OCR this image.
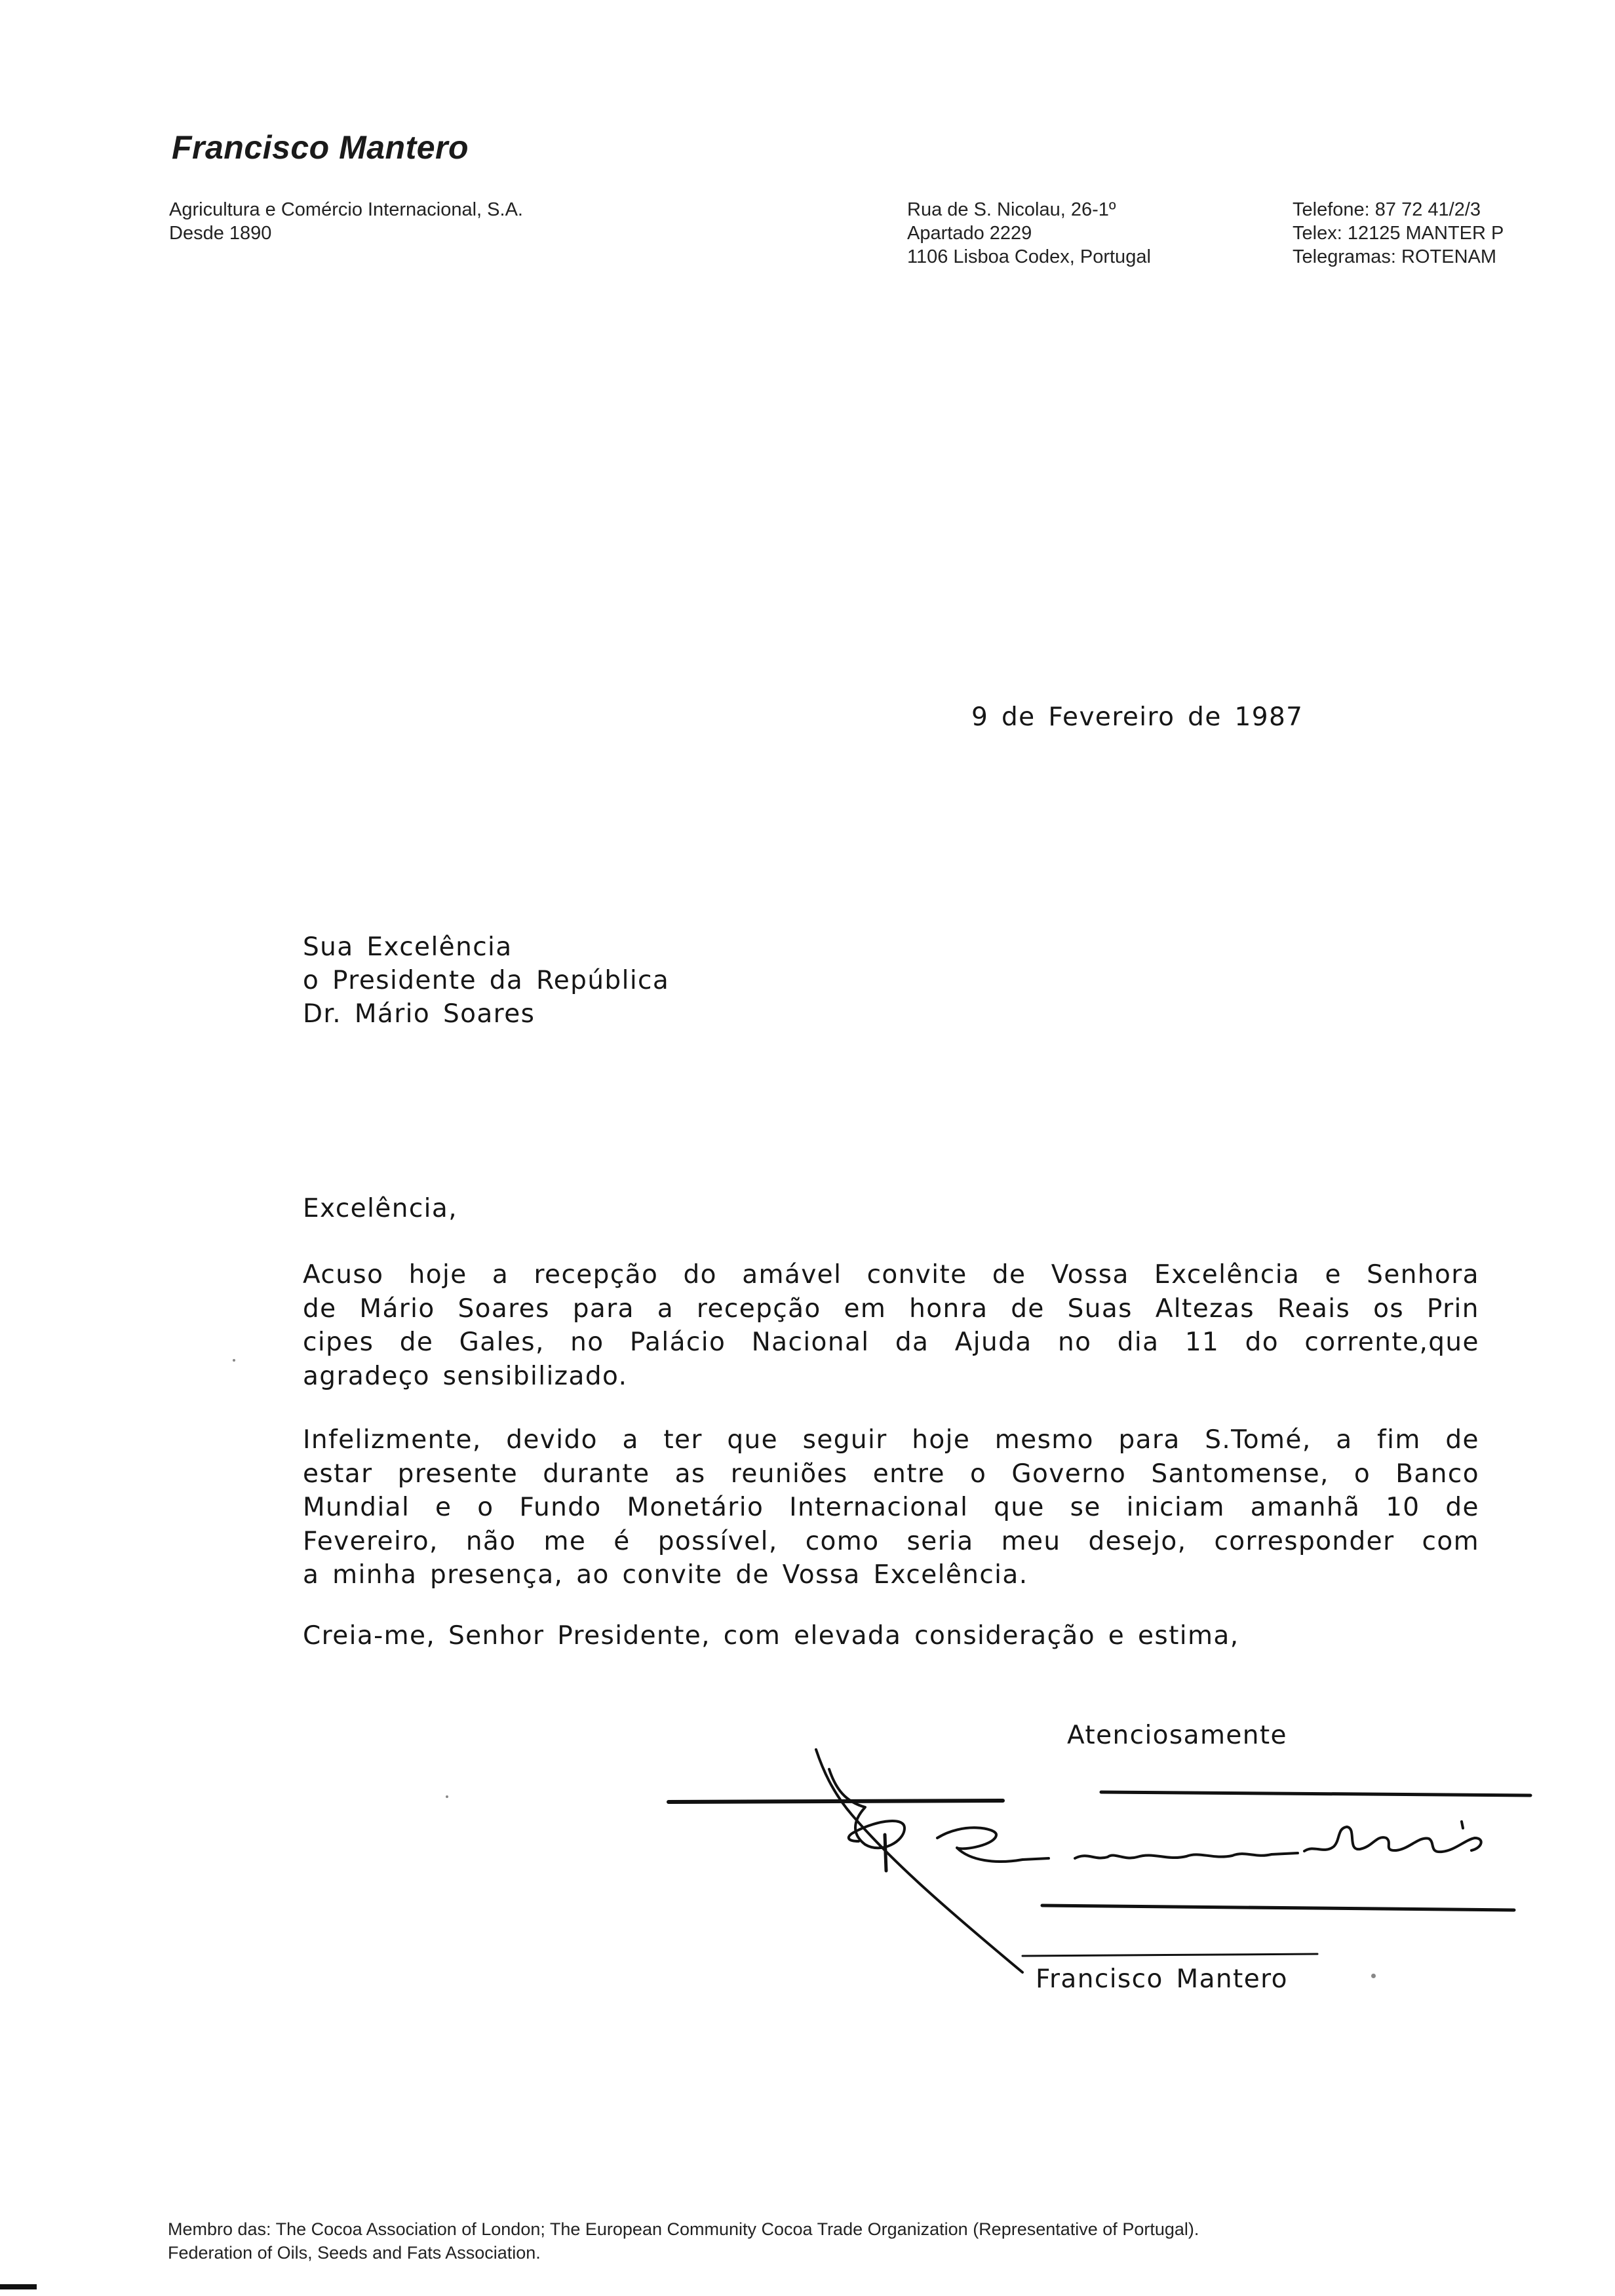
Francisco Mantero
Agricultura e Comércio Internacional, S.A.
Desde 1890
Rua de S. Nicolau, 26-1º
Apartado 2229
1106 Lisboa Codex, Portugal
Telefone: 87 72 41/2/3
Telex: 12125 MANTER P
Telegramas: ROTENAM
9 de Fevereiro de 1987
Sua Excelência
o Presidente da República
Dr. Mário Soares
Excelência,
Acuso hoje a recepção do amável convite de Vossa Excelência e Senhora
de Mário Soares para a recepção em honra de Suas Altezas Reais os Prin
cipes de Gales, no Palácio Nacional da Ajuda no dia 11 do corrente,que
agradeço sensibilizado.
Infelizmente, devido a ter que seguir hoje mesmo para S.Tomé, a fim de
estar presente durante as reuniões entre o Governo Santomense, o Banco
Mundial e o Fundo Monetário Internacional que se iniciam amanhã 10 de
Fevereiro, não me é possível, como seria meu desejo, corresponder com
a minha presença, ao convite de Vossa Excelência.
Creia-me, Senhor Presidente, com elevada consideração e estima,
Atenciosamente
Francisco Mantero
Membro das: The Cocoa Association of London; The European Community Cocoa Trade Organization (Representative of Portugal).
Federation of Oils, Seeds and Fats Association.
